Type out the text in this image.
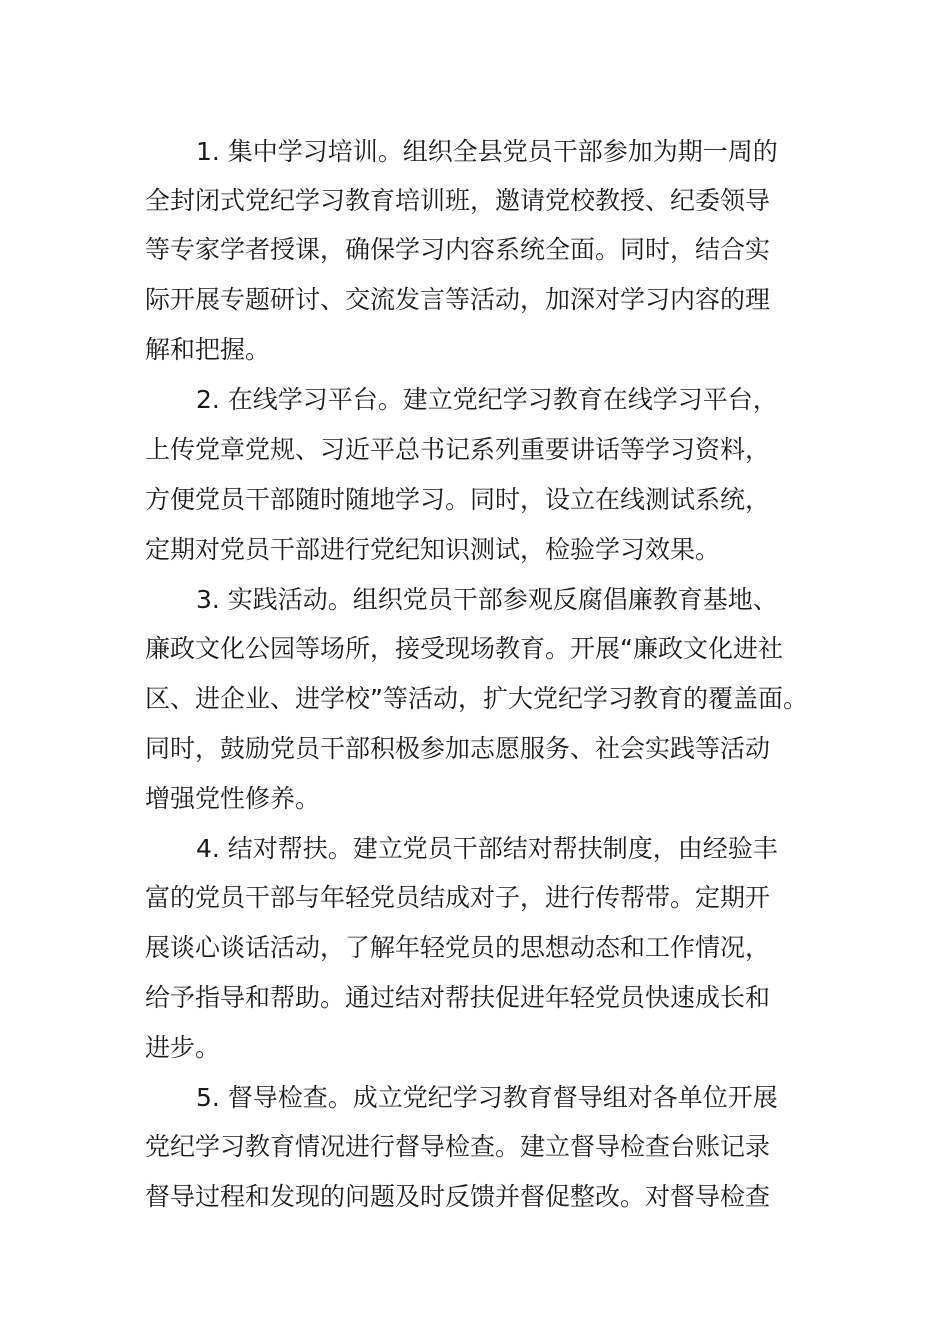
1. 集中学习培训。组织全县党员干部参加为期一周的
全封闭式党纪学习教育培训班，邀请党校教授、纪委领导
等专家学者授课，确保学习内容系统全面。同时，结合实
际开展专题研讨、交流发言等活动，加深对学习内容的理
解和把握。
2. 在线学习平台。建立党纪学习教育在线学习平台，
上传党章党规、习近平总书记系列重要讲话等学习资料，
方便党员干部随时随地学习。同时，设立在线测试系统，
定期对党员干部进行党纪知识测试，检验学习效果。
3. 实践活动。组织党员干部参观反腐倡廉教育基地、
廉政文化公园等场所，接受现场教育。开展“廉政文化进社
区、进企业、进学校”等活动，扩大党纪学习教育的覆盖面。
同时，鼓励党员干部积极参加志愿服务、社会实践等活动
增强党性修养。
4. 结对帮扶。建立党员干部结对帮扶制度，由经验丰
富的党员干部与年轻党员结成对子，进行传帮带。定期开
展谈心谈话活动，了解年轻党员的思想动态和工作情况，
给予指导和帮助。通过结对帮扶促进年轻党员快速成长和
进步。
5. 督导检查。成立党纪学习教育督导组对各单位开展
党纪学习教育情况进行督导检查。建立督导检查台账记录
督导过程和发现的问题及时反馈并督促整改。对督导检查
